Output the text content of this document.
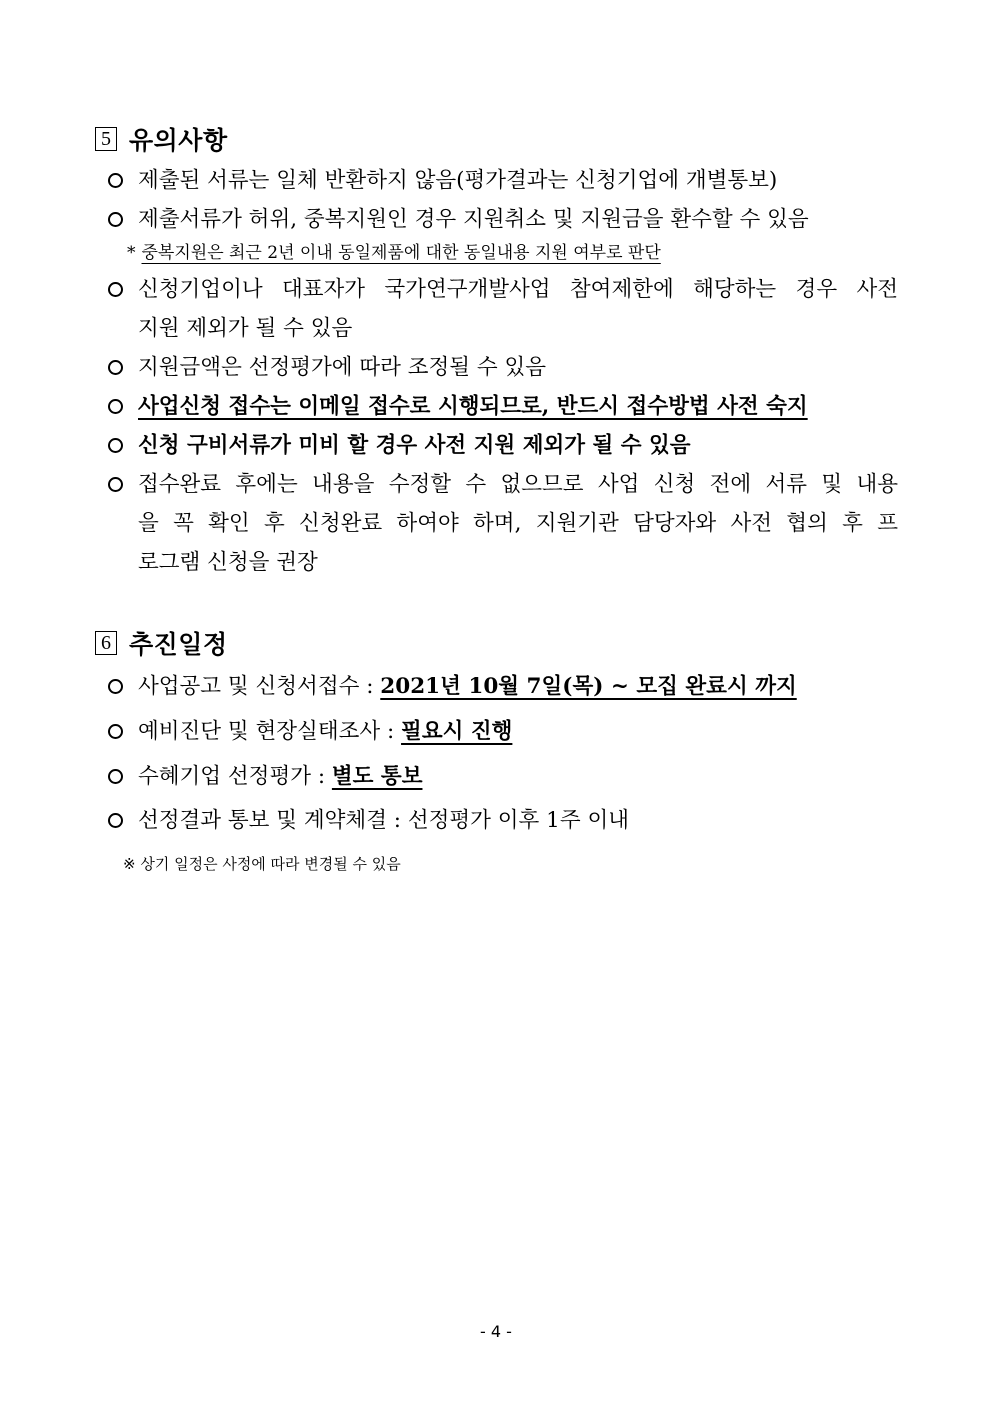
5 유의사항
제출된 서류는 일체 반환하지 않음(평가결과는 신청기업에 개별통보)
제출서류가 허위, 중복지원인 경우 지원취소 및 지원금을 환수할 수 있음
* 중복지원은 최근 2년 이내 동일제품에 대한 동일내용 지원 여부로 판단
신청기업이나 대표자가 국가연구개발사업 참여제한에 해당하는 경우 사전
지원 제외가 될 수 있음
지원금액은 선정평가에 따라 조정될 수 있음
사업신청 접수는 이메일 접수로 시행되므로, 반드시 접수방법 사전 숙지
신청 구비서류가 미비 할 경우 사전 지원 제외가 될 수 있음
접수완료 후에는 내용을 수정할 수 없으므로 사업 신청 전에 서류 및 내용
을 꼭 확인 후 신청완료 하여야 하며, 지원기관 담당자와 사전 협의 후 프
로그램 신청을 권장
6 추진일정
사업공고 및 신청서접수 : 2021년 10월 7일(목) ~ 모집 완료시 까지
예비진단 및 현장실태조사 : 필요시 진행
수혜기업 선정평가 : 별도 통보
선정결과 통보 및 계약체결 : 선정평가 이후 1주 이내
※ 상기 일정은 사정에 따라 변경될 수 있음
- 4 -
